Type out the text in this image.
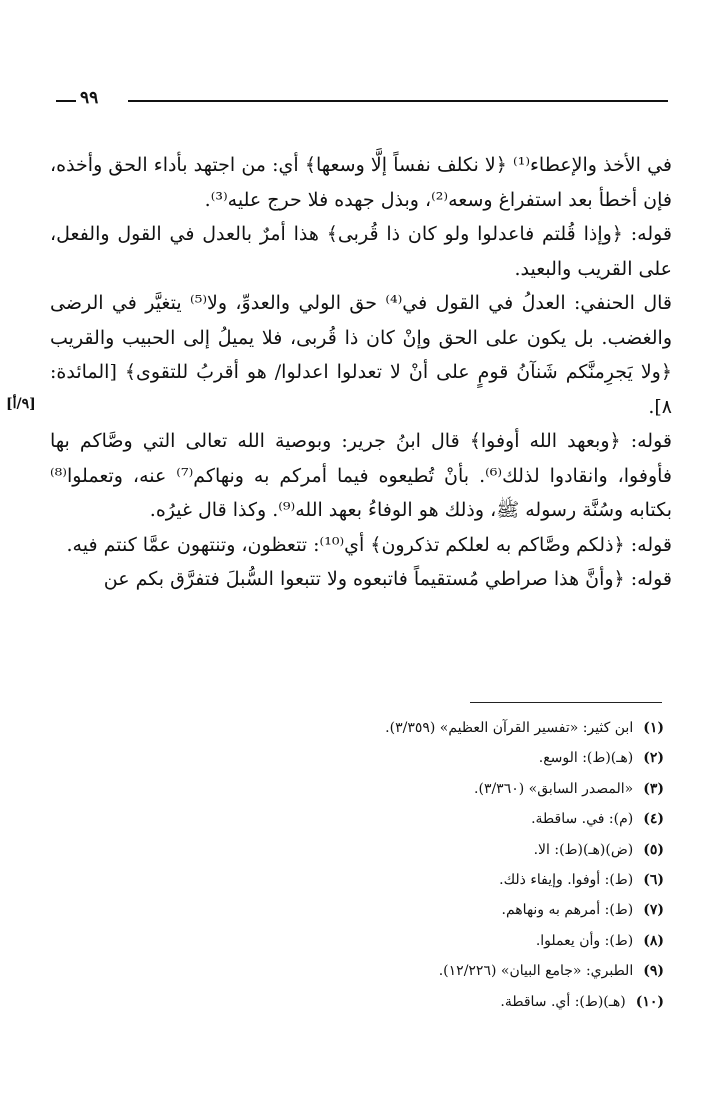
٩٩
[٩/أ]

في الأخذ والإعطاء⁽¹⁾ ﴿لا نكلف نفساً إلَّا وسعها﴾ أي: من اجتهد بأداء الحق وأخذه، فإن أخطأ بعد استفراغ وسعه⁽²⁾، وبذل جهده فلا حرج عليه⁽³⁾.

قوله: ﴿وإذا قُلتم فاعدلوا ولو كان ذا قُربى﴾ هذا أمرٌ بالعدل في القول والفعل، على القريب والبعيد.

قال الحنفي: العدلُ في القول في⁽⁴⁾ حق الولي والعدوِّ، ولا⁽⁵⁾ يتغيَّر في الرضى والغضب. بل يكون على الحق وإنْ كان ذا قُربى، فلا يميلُ إلى الحبيب والقريب ﴿ولا يَجرِمنَّكم شَنآنُ قومٍ على أنْ لا تعدلوا اعدلوا/ هو أقربُ للتقوى﴾ [المائدة: ٨].

قوله: ﴿وبعهد الله أوفوا﴾ قال ابنُ جرير: وبوصية الله تعالى التي وصَّاكم بها فأوفوا، وانقادوا لذلك⁽⁶⁾. بأنْ تُطيعوه فيما أمركم به ونهاكم⁽⁷⁾ عنه، وتعملوا⁽⁸⁾ بكتابه وسُنَّة رسوله ﷺ، وذلك هو الوفاءُ بعهد الله⁽⁹⁾. وكذا قال غيرُه.

قوله: ﴿ذلكم وصَّاكم به لعلكم تذكرون﴾ أي⁽¹⁰⁾: تتعظون، وتنتهون عمَّا كنتم فيه.

قوله: ﴿وأنَّ هذا صراطي مُستقيماً فاتبعوه ولا تتبعوا السُّبلَ فتفرَّق بكم عن

(١)ابن كثير: «تفسير القرآن العظيم» (٣/٣٥٩).
(٢)(هـ)(ط): الوسع.
(٣)«المصدر السابق» (٣/٣٦٠).
(٤)(م): في. ساقطة.
(٥)(ض)(هـ)(ط): الا.
(٦)(ط): أوفوا. وإيفاء ذلك.
(٧)(ط): أمرهم به ونهاهم.
(٨)(ط): وأن يعملوا.
(٩)الطبري: «جامع البيان» (١٢/٢٢٦).
(١٠)(هـ)(ط): أي. ساقطة.
